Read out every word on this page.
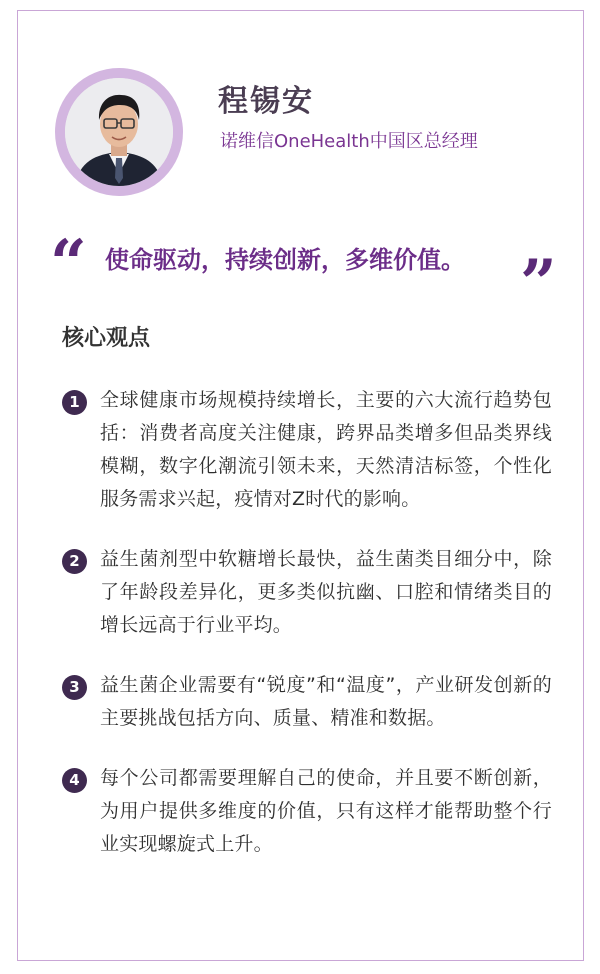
程锡安
诺维信OneHealth中国区总经理
“ 使命驱动，持续创新，多维价值。 ”
核心观点
1	全球健康市场规模持续增长，主要的六大流行趋势包括：消费者高度关注健康，跨界品类增多但品类界线模糊，数字化潮流引领未来，天然清洁标签，个性化服务需求兴起，疫情对Z时代的影响。
2	益生菌剂型中软糖增长最快，益生菌类目细分中，除了年龄段差异化，更多类似抗幽、口腔和情绪类目的增长远高于行业平均。
3	益生菌企业需要有“锐度”和“温度”，产业研发创新的主要挑战包括方向、质量、精准和数据。
4	每个公司都需要理解自己的使命，并且要不断创新，为用户提供多维度的价值，只有这样才能帮助整个行业实现螺旋式上升。
